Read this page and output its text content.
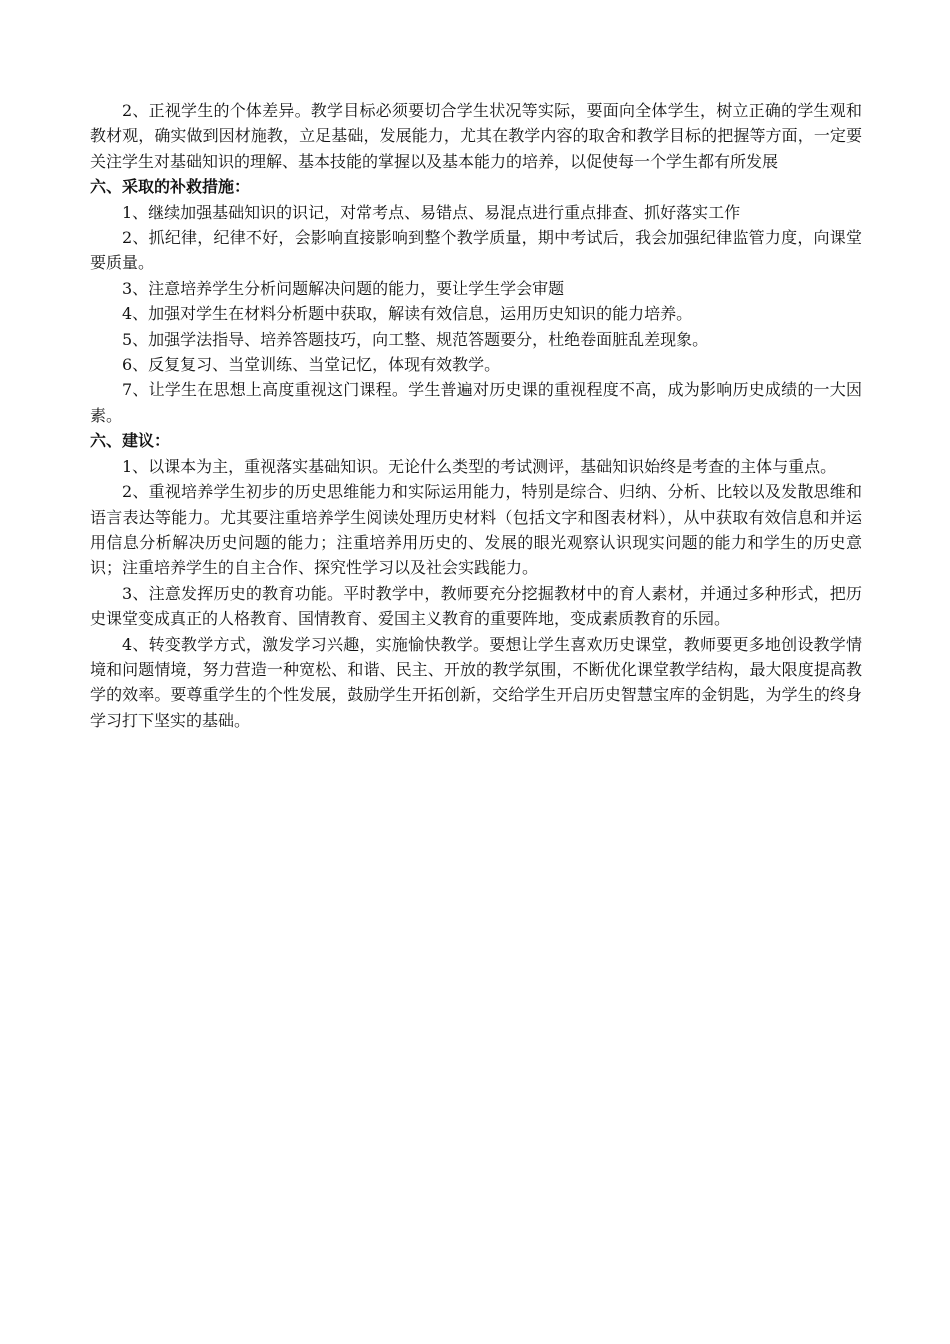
2、正视学生的个体差异。教学目标必须要切合学生状况等实际，要面向全体学生，树立正确的学生观和教材观，确实做到因材施教，立足基础，发展能力，尤其在教学内容的取舍和教学目标的把握等方面，一定要关注学生对基础知识的理解、基本技能的掌握以及基本能力的培养，以促使每一个学生都有所发展

六、采取的补救措施：

1、继续加强基础知识的识记，对常考点、易错点、易混点进行重点排查、抓好落实工作

2、抓纪律，纪律不好，会影响直接影响到整个教学质量，期中考试后，我会加强纪律监管力度，向课堂要质量。

3、注意培养学生分析问题解决问题的能力，要让学生学会审题

4、加强对学生在材料分析题中获取，解读有效信息，运用历史知识的能力培养。

5、加强学法指导、培养答题技巧，向工整、规范答题要分，杜绝卷面脏乱差现象。

6、反复复习、当堂训练、当堂记忆，体现有效教学。

7、让学生在思想上高度重视这门课程。学生普遍对历史课的重视程度不高，成为影响历史成绩的一大因素。

六、建议：

1、以课本为主，重视落实基础知识。无论什么类型的考试测评，基础知识始终是考查的主体与重点。

2、重视培养学生初步的历史思维能力和实际运用能力，特别是综合、归纳、分析、比较以及发散思维和语言表达等能力。尤其要注重培养学生阅读处理历史材料（包括文字和图表材料），从中获取有效信息和并运用信息分析解决历史问题的能力；注重培养用历史的、发展的眼光观察认识现实问题的能力和学生的历史意识；注重培养学生的自主合作、探究性学习以及社会实践能力。

3、注意发挥历史的教育功能。平时教学中，教师要充分挖掘教材中的育人素材，并通过多种形式，把历史课堂变成真正的人格教育、国情教育、爱国主义教育的重要阵地，变成素质教育的乐园。

4、转变教学方式，激发学习兴趣，实施愉快教学。要想让学生喜欢历史课堂，教师要更多地创设教学情境和问题情境，努力营造一种宽松、和谐、民主、开放的教学氛围，不断优化课堂教学结构，最大限度提高教学的效率。要尊重学生的个性发展，鼓励学生开拓创新，交给学生开启历史智慧宝库的金钥匙，为学生的终身学习打下坚实的基础。
